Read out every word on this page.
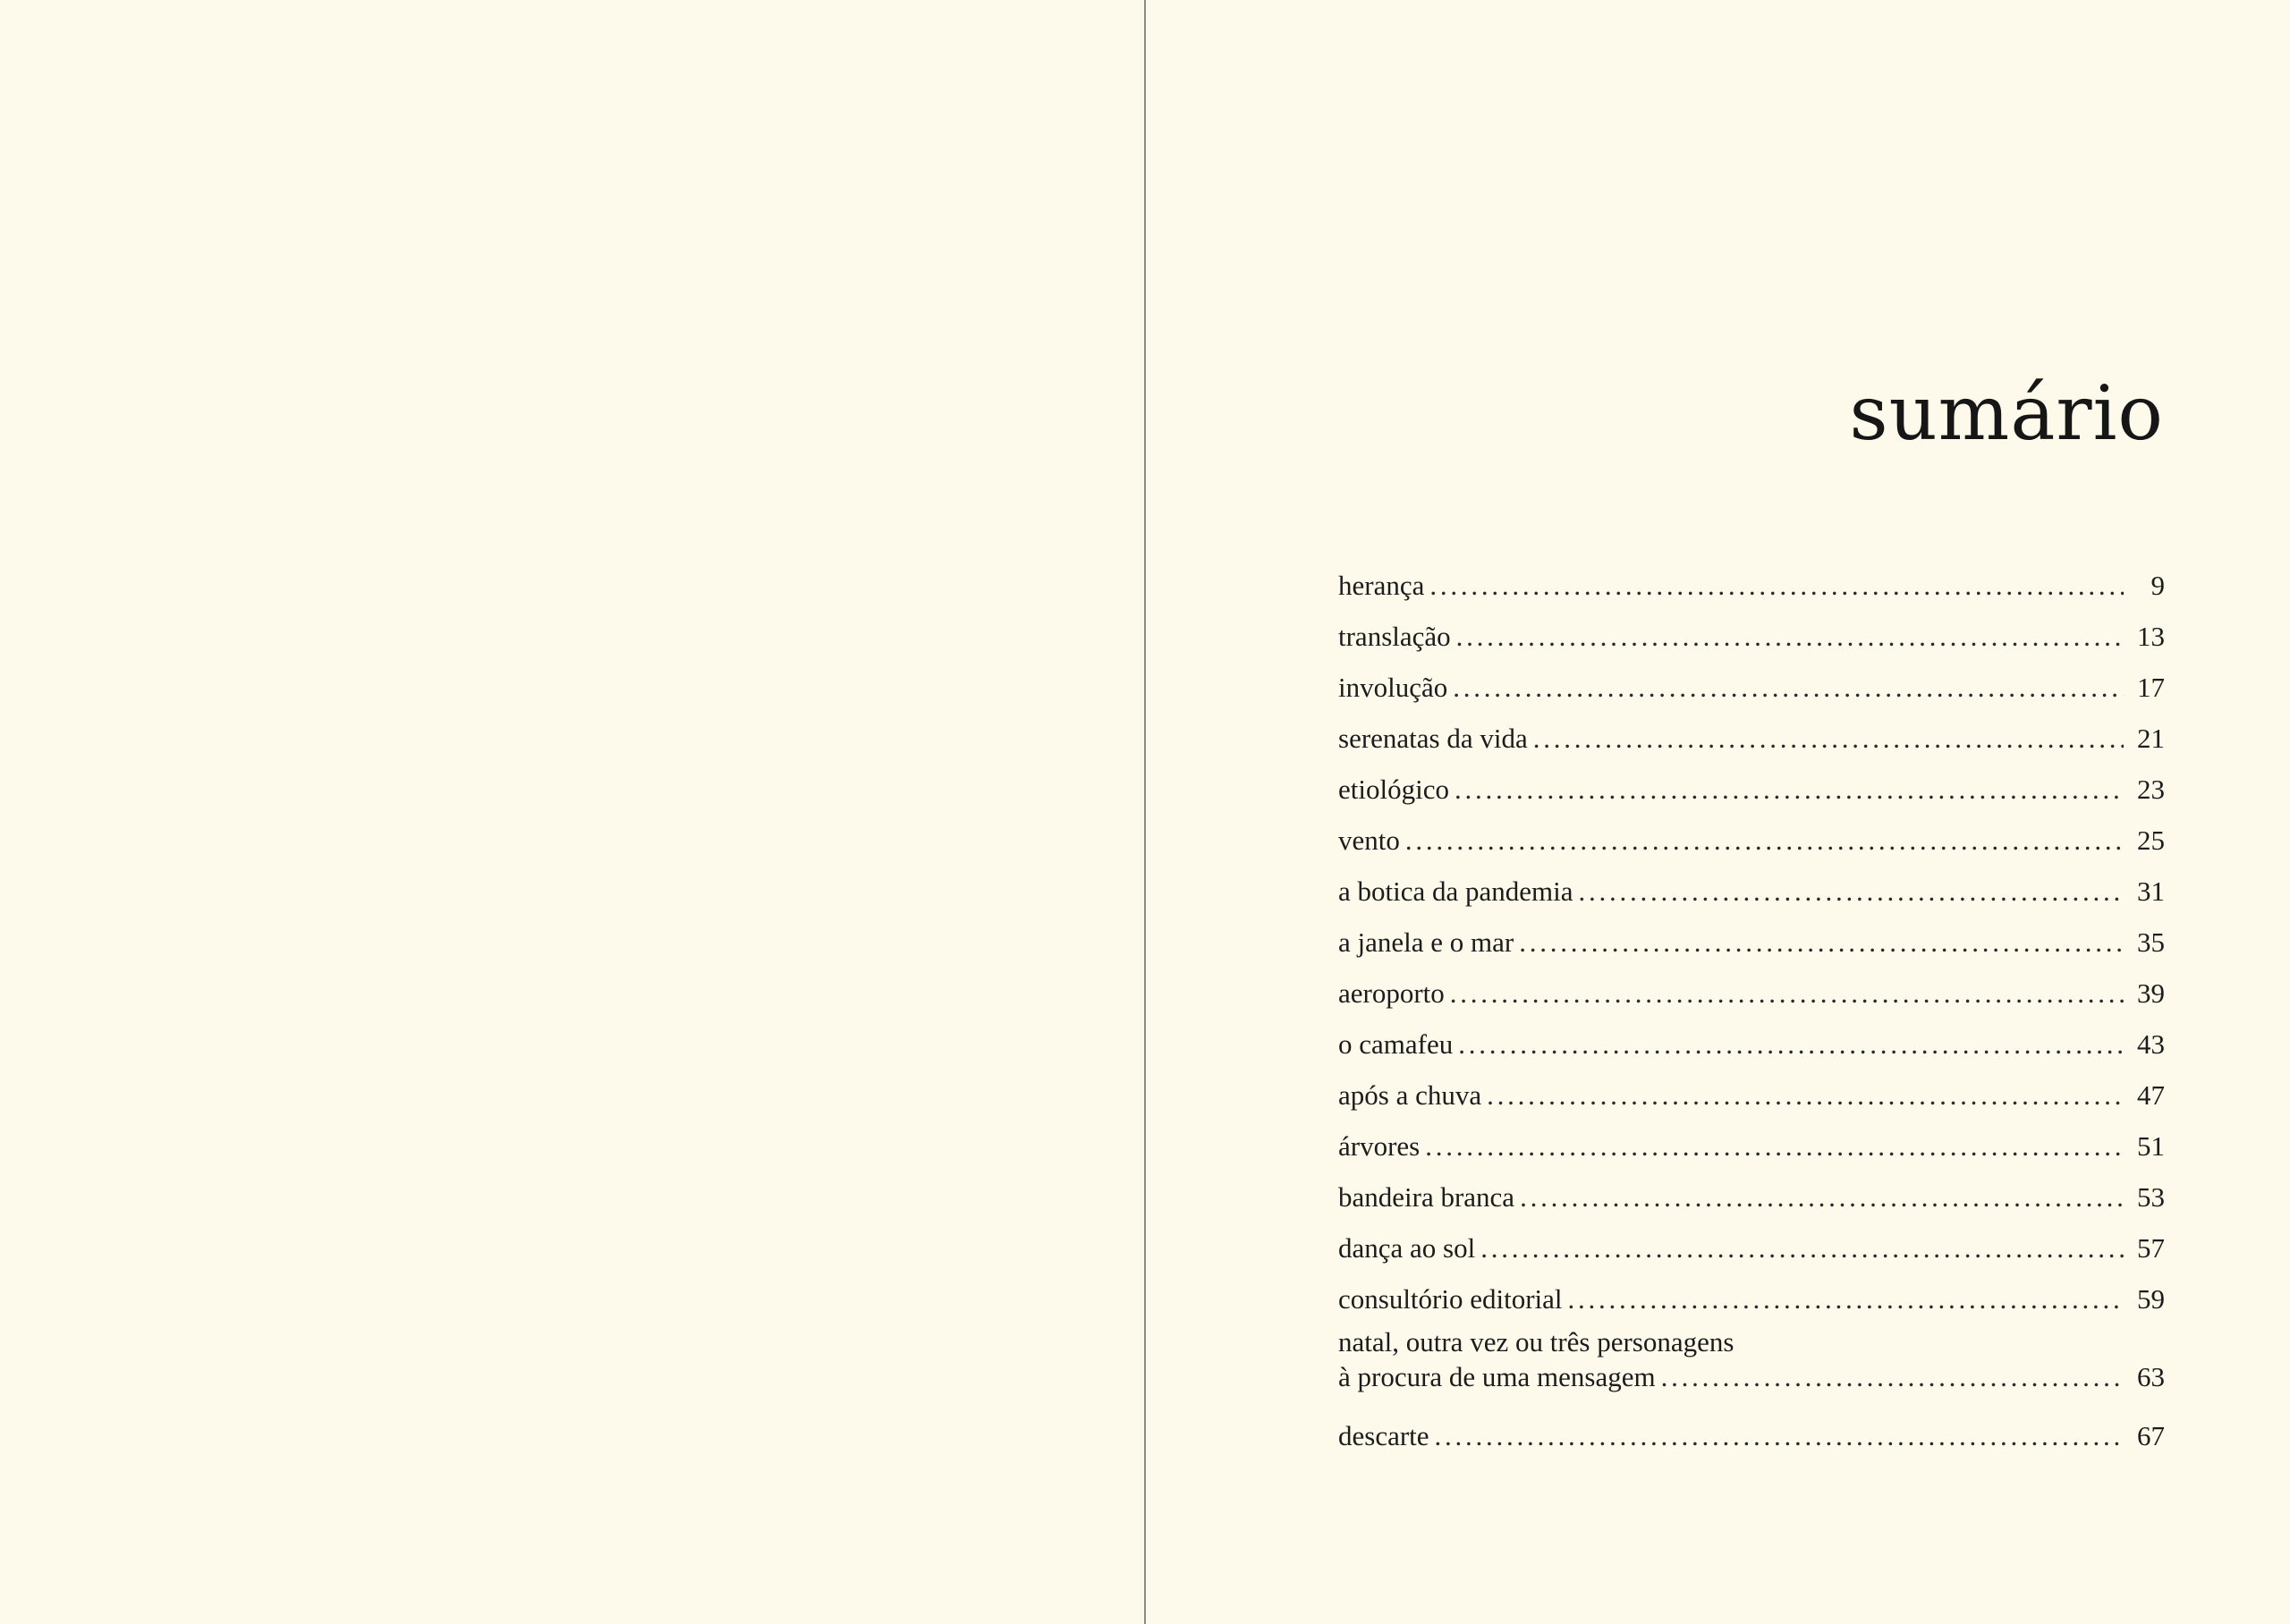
sumário
herança . . .	9
translação . . .	13
involução . . .	17
serenatas da vida . . .	21
etiológico . . .	23
vento . . .	25
a botica da pandemia . . .	31
a janela e o mar . . .	35
aeroporto . . .	39
o camafeu . . .	43
após a chuva . . .	47
árvores . . .	51
bandeira branca . . .	53
dança ao sol . . .	57
consultório editorial . . .	59
natal, outra vez ou três personagens
à procura de uma mensagem . . .	63
descarte . . .	67
